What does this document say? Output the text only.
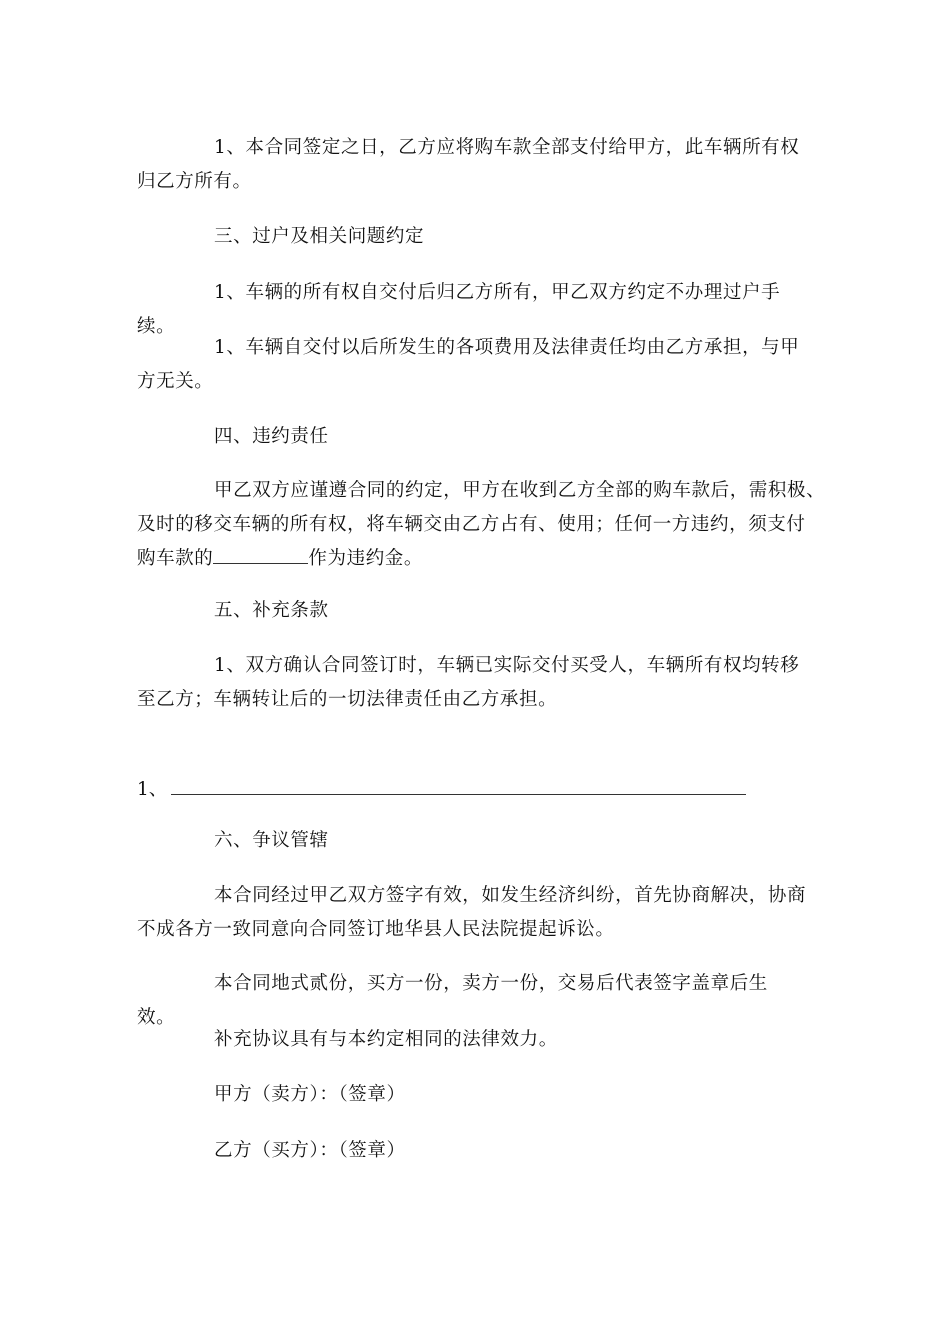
1、本合同签定之日，乙方应将购车款全部支付给甲方，此车辆所有权
归乙方所有。

三、过户及相关问题约定

1、车辆的所有权自交付后归乙方所有，甲乙双方约定不办理过户手续。

1、车辆自交付以后所发生的各项费用及法律责任均由乙方承担，与甲
方无关。

四、违约责任

甲乙双方应谨遵合同的约定，甲方在收到乙方全部的购车款后，需积极、
及时的移交车辆的所有权，将车辆交由乙方占有、使用；任何一方违约，须支付
购车款的	作为违约金。

五、补充条款

1、双方确认合同签订时，车辆已实际交付买受人，车辆所有权均转移
至乙方；车辆转让后的一切法律责任由乙方承担。

1、

六、争议管辖

本合同经过甲乙双方签字有效，如发生经济纠纷，首先协商解决，协商
不成各方一致同意向合同签订地华县人民法院提起诉讼。

本合同地式贰份，买方一份，卖方一份，交易后代表签字盖章后生效。

补充协议具有与本约定相同的法律效力。

甲方（卖方）：（签章）

乙方（买方）：（签章）
